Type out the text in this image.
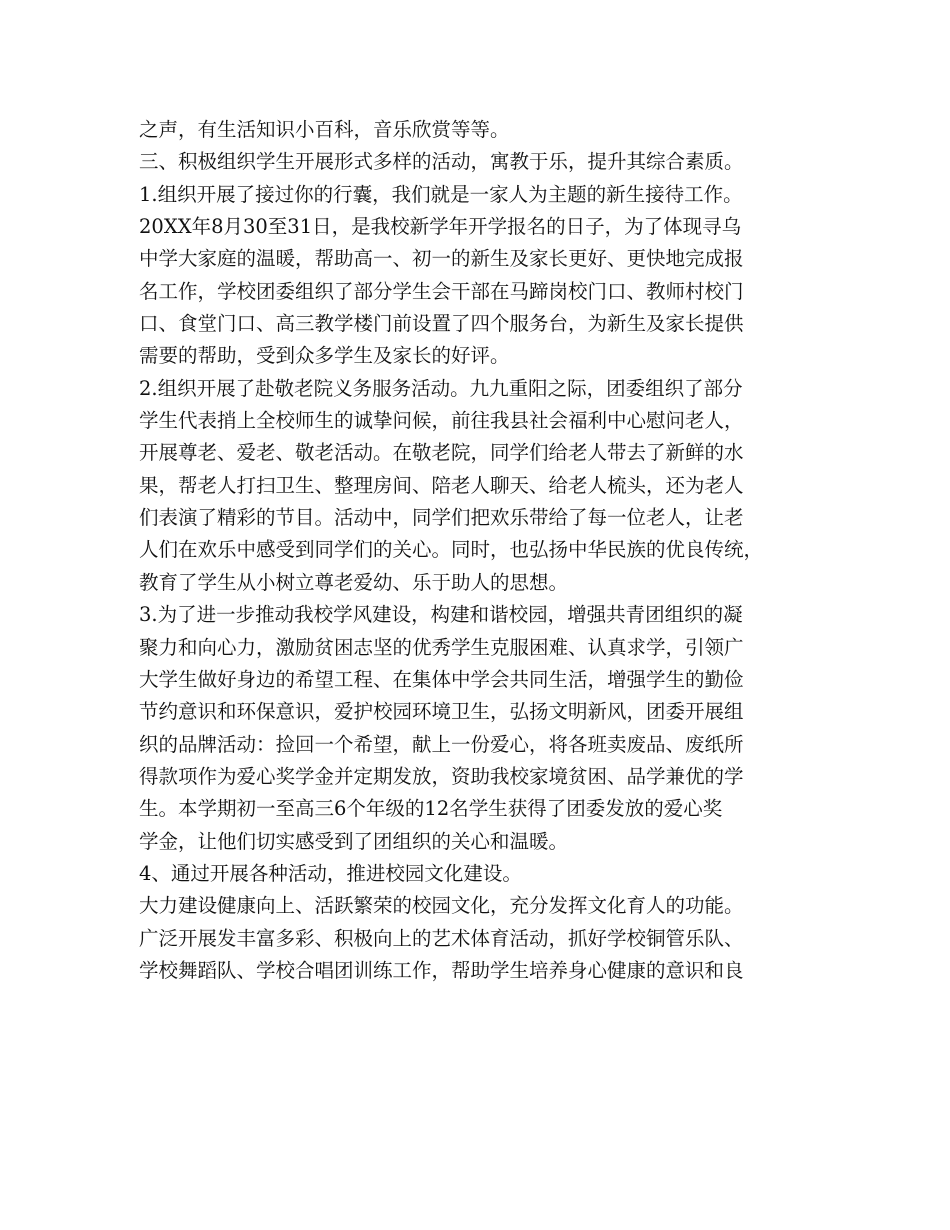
之声，有生活知识小百科，音乐欣赏等等。
三、积极组织学生开展形式多样的活动，寓教于乐，提升其综合素质。
1.组织开展了接过你的行囊，我们就是一家人为主题的新生接待工作。
20XX年8月30至31日，是我校新学年开学报名的日子，为了体现寻乌
中学大家庭的温暖，帮助高一、初一的新生及家长更好、更快地完成报
名工作，学校团委组织了部分学生会干部在马蹄岗校门口、教师村校门
口、食堂门口、高三教学楼门前设置了四个服务台，为新生及家长提供
需要的帮助，受到众多学生及家长的好评。
2.组织开展了赴敬老院义务服务活动。九九重阳之际，团委组织了部分
学生代表捎上全校师生的诚挚问候，前往我县社会福利中心慰问老人，
开展尊老、爱老、敬老活动。在敬老院，同学们给老人带去了新鲜的水
果，帮老人打扫卫生、整理房间、陪老人聊天、给老人梳头，还为老人
们表演了精彩的节目。活动中，同学们把欢乐带给了每一位老人，让老
人们在欢乐中感受到同学们的关心。同时，也弘扬中华民族的优良传统，
教育了学生从小树立尊老爱幼、乐于助人的思想。
3.为了进一步推动我校学风建设，构建和谐校园，增强共青团组织的凝
聚力和向心力，激励贫困志坚的优秀学生克服困难、认真求学，引领广
大学生做好身边的希望工程、在集体中学会共同生活，增强学生的勤俭
节约意识和环保意识，爱护校园环境卫生，弘扬文明新风，团委开展组
织的品牌活动：捡回一个希望，献上一份爱心，将各班卖废品、废纸所
得款项作为爱心奖学金并定期发放，资助我校家境贫困、品学兼优的学
生。本学期初一至高三6个年级的12名学生获得了团委发放的爱心奖
学金，让他们切实感受到了团组织的关心和温暖。
4、通过开展各种活动，推进校园文化建设。
大力建设健康向上、活跃繁荣的校园文化，充分发挥文化育人的功能。
广泛开展发丰富多彩、积极向上的艺术体育活动，抓好学校铜管乐队、
学校舞蹈队、学校合唱团训练工作，帮助学生培养身心健康的意识和良
